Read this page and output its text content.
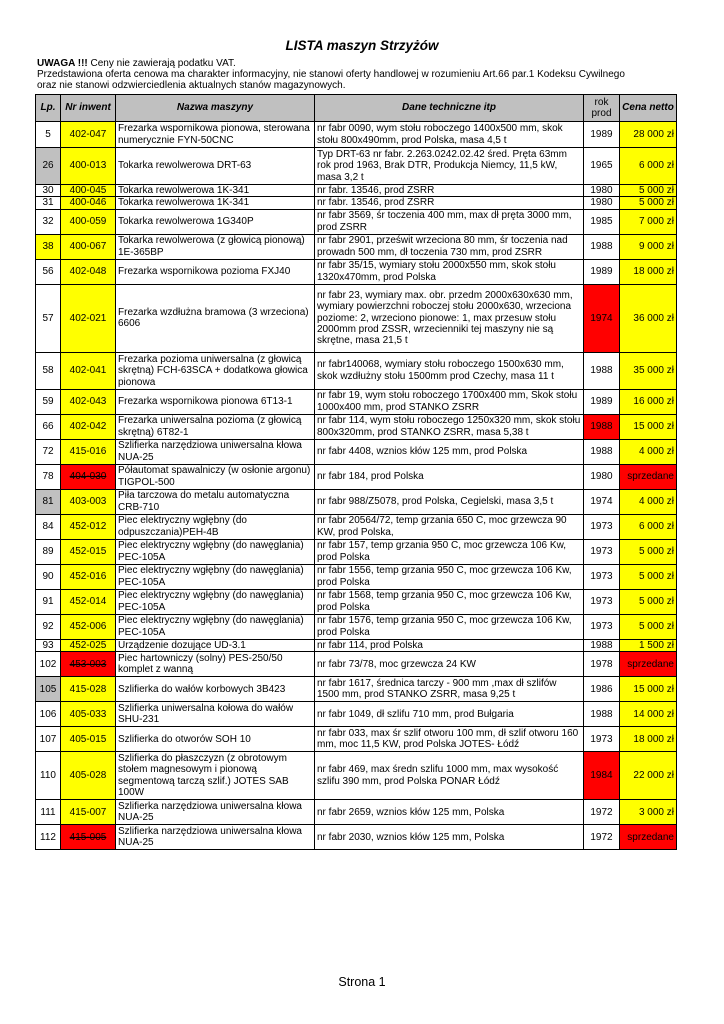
LISTA maszyn Strzyżów
UWAGA !!! Ceny nie zawierają podatku VAT.
Przedstawiona oferta cenowa ma charakter informacyjny, nie stanowi oferty handlowej w rozumieniu Art.66 par.1 Kodeksu Cywilnego
oraz nie stanowi odzwierciedlenia aktualnych stanów magazynowych.
Lp.	Nr inwent	Nazwa maszyny	Dane techniczne itp	rok prod	Cena netto
5	402-047	Frezarka wspornikowa pionowa, sterowana numerycznie FYN-50CNC	nr fabr 0090, wym stołu roboczego 1400x500 mm, skok stołu 800x490mm, prod Polska, masa 4,5 t	1989	28 000 zł
26	400-013	Tokarka rewolwerowa DRT-63	Typ DRT-63 nr fabr. 2.263.0242.02.42 śred. Pręta 63mm rok prod 1963, Brak DTR, Produkcja Niemcy, 11,5 kW, masa 3,2 t	1965	6 000 zł
30	400-045	Tokarka rewolwerowa 1K-341	nr fabr. 13546, prod ZSRR	1980	5 000 zł
31	400-046	Tokarka rewolwerowa 1K-341	nr fabr. 13546, prod ZSRR	1980	5 000 zł
32	400-059	Tokarka rewolwerowa 1G340P	nr fabr 3569, śr toczenia 400 mm, max dł pręta 3000 mm, prod ZSRR	1985	7 000 zł
38	400-067	Tokarka rewolwerowa (z głowicą pionową) 1E-365BP	nr fabr 2901, prześwit wrzeciona 80 mm, śr toczenia nad prowadn 500 mm, dł toczenia 730 mm, prod ZSRR	1988	9 000 zł
56	402-048	Frezarka wspornikowa pozioma FXJ40	nr fabr 35/15, wymiary stołu 2000x550 mm, skok stołu 1320x470mm, prod Polska	1989	18 000 zł
57	402-021	Frezarka wzdłużna bramowa (3 wrzeciona) 6606	nr fabr 23, wymiary max. obr. przedm 2000x630x630 mm, wymiary powierzchni roboczej stołu 2000x630, wrzeciona poziome: 2, wrzeciono pionowe: 1, max przesuw stołu 2000mm prod ZSSR, wrzecienniki tej maszyny nie są skrętne, masa 21,5 t	1974	36 000 zł
58	402-041	Frezarka pozioma uniwersalna (z głowicą skrętną) FCH-63SCA + dodatkowa głowica pionowa	nr fabr140068, wymiary stołu roboczego 1500x630 mm, skok wzdłużny stołu 1500mm prod Czechy, masa 11 t	1988	35 000 zł
59	402-043	Frezarka wspornikowa pionowa 6T13-1	nr fabr 19, wym stołu roboczego 1700x400 mm, Skok stołu 1000x400 mm, prod STANKO ZSRR	1989	16 000 zł
66	402-042	Frezarka uniwersalna pozioma (z głowicą skrętną) 6T82-1	nr fabr 114, wym stołu roboczego 1250x320 mm, skok stołu 800x320mm, prod STANKO ZSRR, masa 5,38 t	1988	15 000 zł
72	415-016	Szlifierka narzędziowa uniwersalna kłowa NUA-25	nr fabr 4408, wznios kłów 125 mm, prod Polska	1988	4 000 zł
78	404-030	Półautomat spawalniczy (w osłonie argonu) TIGPOL-500	nr fabr 184, prod Polska	1980	sprzedane
81	403-003	Piła tarczowa do metalu automatyczna CRB-710	nr fabr 988/Z5078, prod Polska, Cegielski, masa 3,5 t	1974	4 000 zł
84	452-012	Piec elektryczny wgłębny (do odpuszczania)PEH-4B	nr fabr 20564/72, temp grzania 650 C, moc grzewcza 90 KW, prod Polska,	1973	6 000 zł
89	452-015	Piec elektryczny wgłębny (do nawęglania) PEC-105A	nr fabr 157, temp grzania 950 C, moc grzewcza 106 Kw, prod Polska	1973	5 000 zł
90	452-016	Piec elektryczny wgłębny (do nawęglania) PEC-105A	nr fabr 1556, temp grzania 950 C, moc grzewcza 106 Kw, prod Polska	1973	5 000 zł
91	452-014	Piec elektryczny wgłębny (do nawęglania) PEC-105A	nr fabr 1568, temp grzania 950 C, moc grzewcza 106 Kw, prod Polska	1973	5 000 zł
92	452-006	Piec elektryczny wgłębny (do nawęglania) PEC-105A	nr fabr 1576, temp grzania 950 C, moc grzewcza 106 Kw, prod Polska	1973	5 000 zł
93	452-025	Urządzenie dozujące UD-3.1	nr fabr 114, prod Polska	1988	1 500 zł
102	453-003	Piec hartowniczy (solny) PES-250/50 komplet z wanną	nr fabr 73/78, moc grzewcza 24 KW	1978	sprzedane
105	415-028	Szlifierka do wałów korbowych 3B423	nr fabr 1617, średnica tarczy - 900 mm ,max dł szlifów 1500 mm, prod STANKO ZSRR, masa 9,25 t	1986	15 000 zł
106	405-033	Szlifierka uniwersalna kołowa do wałów SHU-231	nr fabr 1049, dł szlifu 710 mm, prod Bułgaria	1988	14 000 zł
107	405-015	Szlifierka do otworów SOH 10	nr fabr 033, max śr szlif otworu 100 mm, dł szlif otworu 160 mm, moc 11,5 KW, prod Polska JOTES- Łódź	1973	18 000 zł
110	405-028	Szlifierka do płaszczyzn (z obrotowym stołem magnesowym i pionową segmentową tarczą szlif.) JOTES SAB 100W	nr fabr 469, max średn szlifu 1000 mm, max wysokość szlifu 390 mm, prod Polska PONAR Łódź	1984	22 000 zł
111	415-007	Szlifierka narzędziowa uniwersalna kłowa NUA-25	nr fabr 2659, wznios kłów 125 mm, Polska	1972	3 000 zł
112	415-005	Szlifierka narzędziowa uniwersalna kłowa NUA-25	nr fabr 2030, wznios kłów 125 mm, Polska	1972	sprzedane
Strona 1
